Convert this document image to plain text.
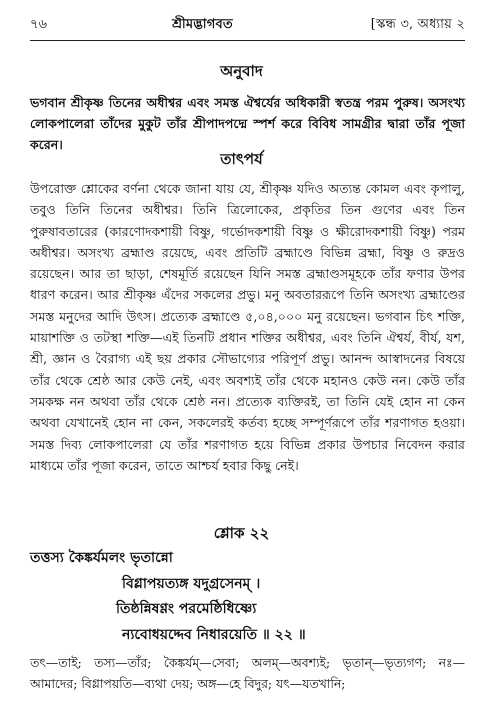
৭৬	শ্রীমদ্ভাগবত	[স্কন্ধ ৩, অধ্যায় ২
অনুবাদ

ভগবান শ্রীকৃষ্ণ তিনের অধীশ্বর এবং সমস্ত ঐশ্বর্যের অধিকারী স্বতন্ত্র পরম পুরুষ। অসংখ্য লোকপালেরা তাঁদের মুকুট তাঁর শ্রীপাদপদ্মে স্পর্শ করে বিবিধ সামগ্রীর দ্বারা তাঁর পূজা করেন।

তাৎপর্য

উপরোক্ত শ্লোকের বর্ণনা থেকে জানা যায় যে, শ্রীকৃষ্ণ যদিও অত্যন্ত কোমল এবং কৃপালু, তবুও তিনি তিনের অধীশ্বর। তিনি ত্রিলোকের, প্রকৃতির তিন গুণের এবং তিন পুরুষাবতারের (কারণোদকশায়ী বিষ্ণু, গর্ভোদকশায়ী বিষ্ণু ও ক্ষীরোদকশায়ী বিষ্ণু) পরম অধীশ্বর। অসংখ্য ব্রহ্মাণ্ড রয়েছে, এবং প্রতিটি ব্রহ্মাণ্ডে বিভিন্ন ব্রহ্মা, বিষ্ণু ও রুদ্রও রয়েছেন। আর তা ছাড়া, শেষমূর্তি রয়েছেন যিনি সমস্ত ব্রহ্মাণ্ডসমূহকে তাঁর ফণার উপর ধারণ করেন। আর শ্রীকৃষ্ণ এঁদের সকলের প্রভু। মনু অবতাররূপে তিনি অসংখ্য ব্রহ্মাণ্ডের সমস্ত মনুদের আদি উৎস। প্রত্যেক ব্রহ্মাণ্ডে ৫,০৪,০০০ মনু রয়েছেন। ভগবান চিৎ শক্তি, মায়াশক্তি ও তটস্থা শক্তি—এই তিনটি প্রধান শক্তির অধীশ্বর, এবং তিনি ঐশ্বর্য, বীর্য, যশ, শ্রী, জ্ঞান ও বৈরাগ্য এই ছয় প্রকার সৌভাগ্যের পরিপূর্ণ প্রভু। আনন্দ আস্বাদনের বিষয়ে তাঁর থেকে শ্রেষ্ঠ আর কেউ নেই, এবং অবশ্যই তাঁর থেকে মহানও কেউ নন। কেউ তাঁর সমকক্ষ নন অথবা তাঁর থেকে শ্রেষ্ঠ নন। প্রত্যেক ব্যক্তিরই, তা তিনি যেই হোন না কেন অথবা যেখানেই হোন না কেন, সকলেরই কর্তব্য হচ্ছে সম্পূর্ণরূপে তাঁর শরণাগত হওয়া। সমস্ত দিব্য লোকপালেরা যে তাঁর শরণাগত হয়ে বিভিন্ন প্রকার উপচার নিবেদন করার মাধ্যমে তাঁর পূজা করেন, তাতে আশ্চর্য হবার কিছু নেই।

শ্লোক ২২
তত্তস্য কৈঙ্কর্যমলং ভৃতান্নো
বিগ্লাপয়ত্যঙ্গ যদুগ্রসেনম্ ।
তিষ্ঠন্নিষণ্ণং পরমেষ্ঠিধিষ্ণ্যে
ন্যবোধয়দ্দেব নিধারয়েতি ॥ ২২ ॥

তৎ—তাই; তস্য—তাঁর; কৈঙ্কর্যম্—সেবা; অলম্—অবশ্যই; ভৃতান্—ভৃত্যগণ; নঃ—আমাদের; বিগ্লাপয়তি—ব্যথা দেয়; অঙ্গ—হে বিদুর; যৎ—যতখানি;
